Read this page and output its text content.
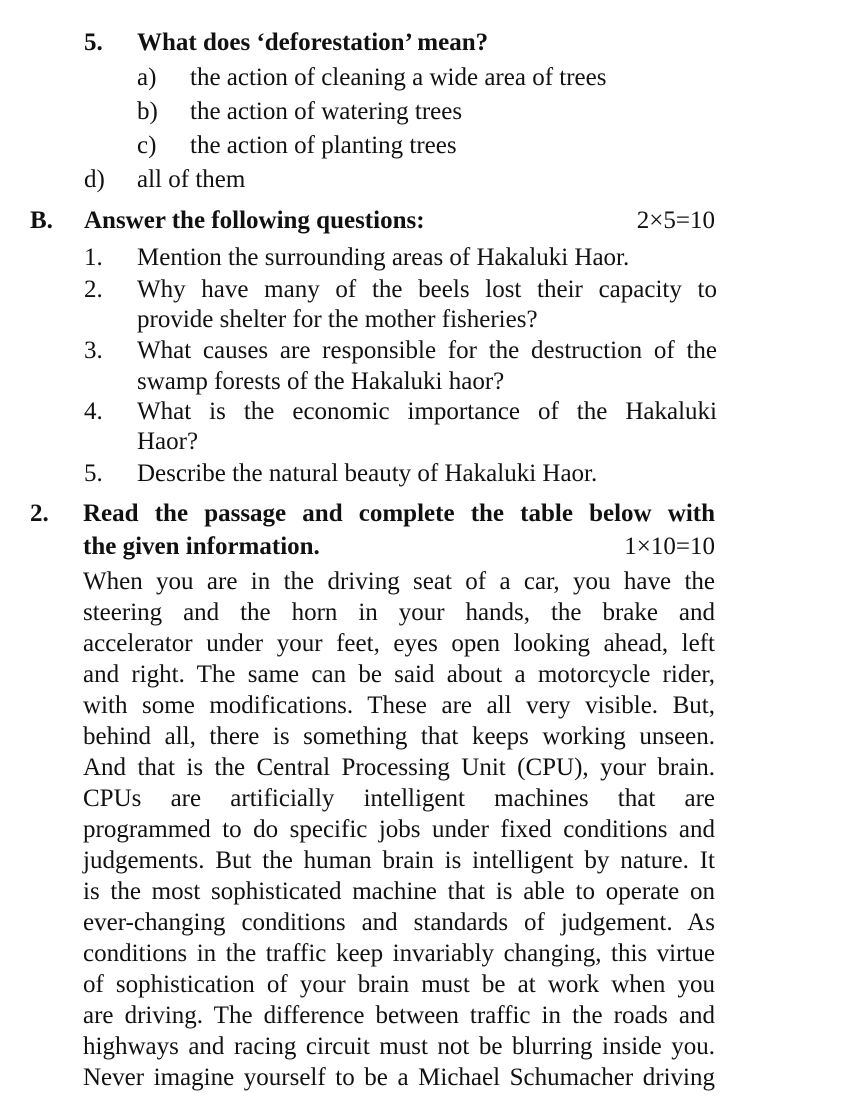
5. What does ‘deforestation’ mean?
a) the action of cleaning a wide area of trees
b) the action of watering trees
c) the action of planting trees
d) all of them
B. Answer the following questions:	2×5=10
1. Mention the surrounding areas of Hakaluki Haor.
2. Why have many of the beels lost their capacity to
provide shelter for the mother fisheries?
3. What causes are responsible for the destruction of the
swamp forests of the Hakaluki haor?
4. What is the economic importance of the Hakaluki
Haor?
5. Describe the natural beauty of Hakaluki Haor.
2. Read the passage and complete the table below with
the given information.	1×10=10
When you are in the driving seat of a car, you have the
steering and the horn in your hands, the brake and
accelerator under your feet, eyes open looking ahead, left
and right. The same can be said about a motorcycle rider,
with some modifications. These are all very visible. But,
behind all, there is something that keeps working unseen.
And that is the Central Processing Unit (CPU), your brain.
CPUs are artificially intelligent machines that are
programmed to do specific jobs under fixed conditions and
judgements. But the human brain is intelligent by nature. It
is the most sophisticated machine that is able to operate on
ever-changing conditions and standards of judgement. As
conditions in the traffic keep invariably changing, this virtue
of sophistication of your brain must be at work when you
are driving. The difference between traffic in the roads and
highways and racing circuit must not be blurring inside you.
Never imagine yourself to be a Michael Schumacher driving
